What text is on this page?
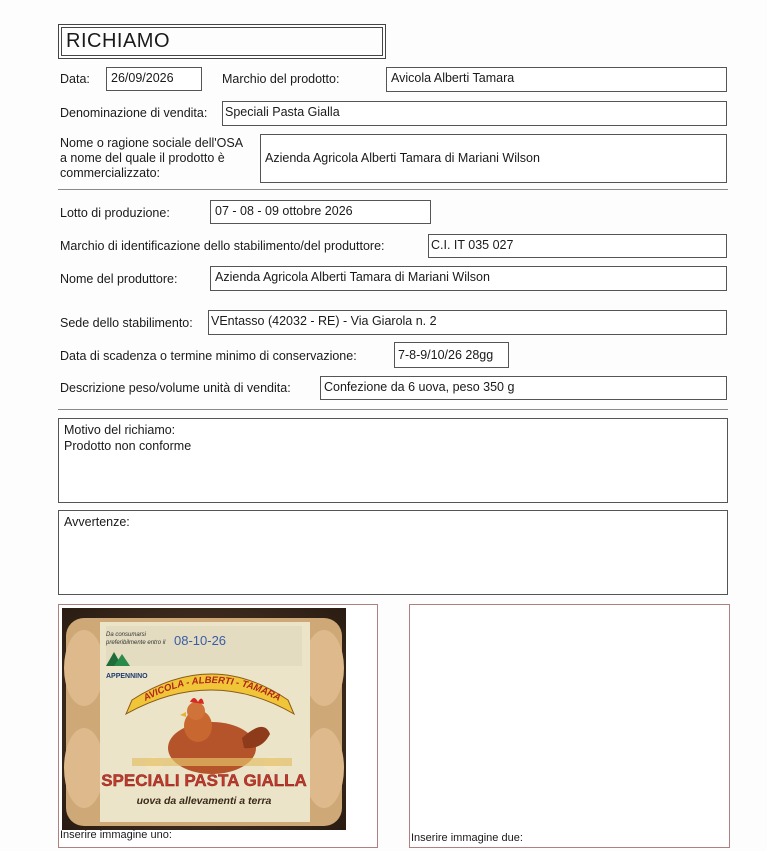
RICHIAMO
Data:	26/09/2026	Marchio del prodotto:	Avicola Alberti Tamara
Denominazione di vendita: Speciali Pasta Gialla
Nome o ragione sociale dell'OSA
a nome del quale il prodotto è
commercializzato:
Azienda Agricola Alberti Tamara di Mariani Wilson
Lotto di produzione:	07 - 08 - 09 ottobre 2026
Marchio di identificazione dello stabilimento/del produttore:	C.I. IT 035 027
Nome del produttore:	Azienda Agricola Alberti Tamara di Mariani Wilson
Sede dello stabilimento: VEntasso (42032 - RE) - Via Giarola n. 2
Data di scadenza o termine minimo di conservazione:	7-8-9/10/26 28gg
Descrizione peso/volume unità di vendita:	Confezione da 6 uova, peso 350 g
Motivo del richiamo:
Prodotto non conforme
Avvertenze:
Da consumarsi
preferibilmente entro il 08-10-26
APPENNINO
AVICOLA - ALBERTI - TAMARA
SPECIALI PASTA GIALLA
uova da allevamenti a terra
Inserire immagine uno:	Inserire immagine due:
